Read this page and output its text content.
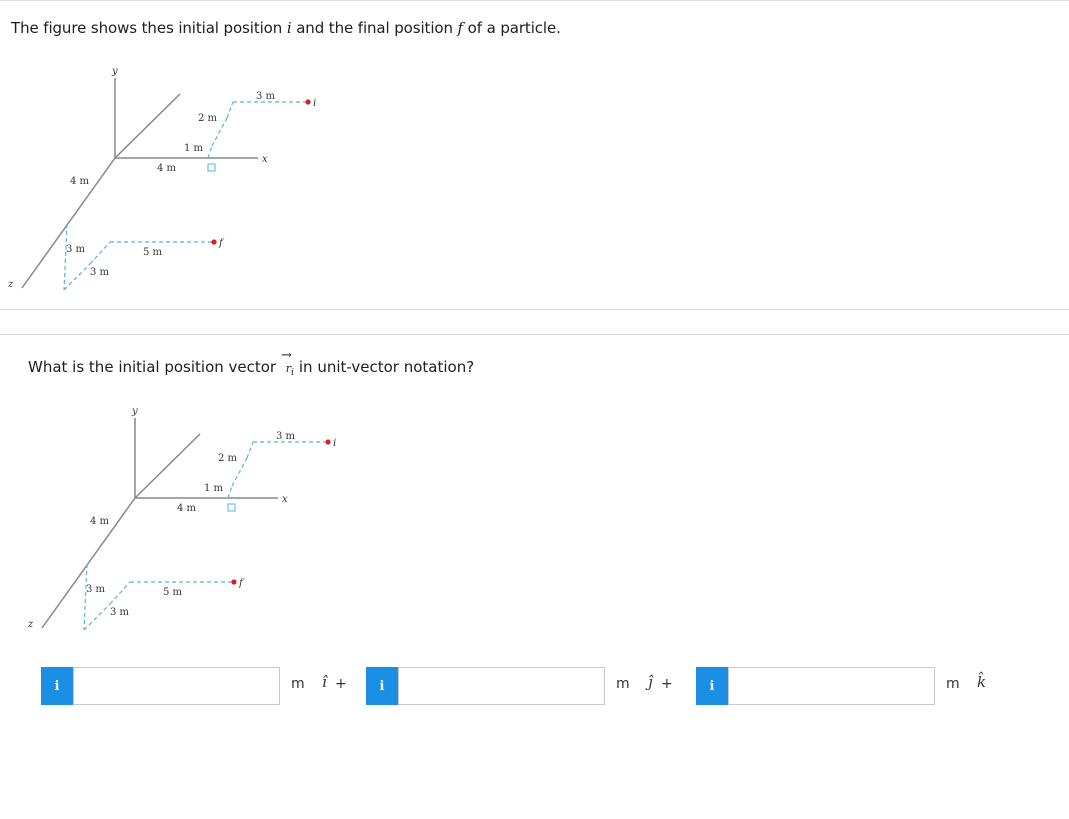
The figure shows thes initial position i and the final position f of a particle.
y
x
z
3 m
2 m
1 m
4 m
i
4 m
3 m
3 m
5 m
f
What is the initial position vector
→
$r_i$ in unit-vector notation?
y
x
z
3 m
2 m
1 m
4 m
i
4 m
3 m
3 m
5 m
f
i	m î +	i	m ĵ +	i	m k̂
